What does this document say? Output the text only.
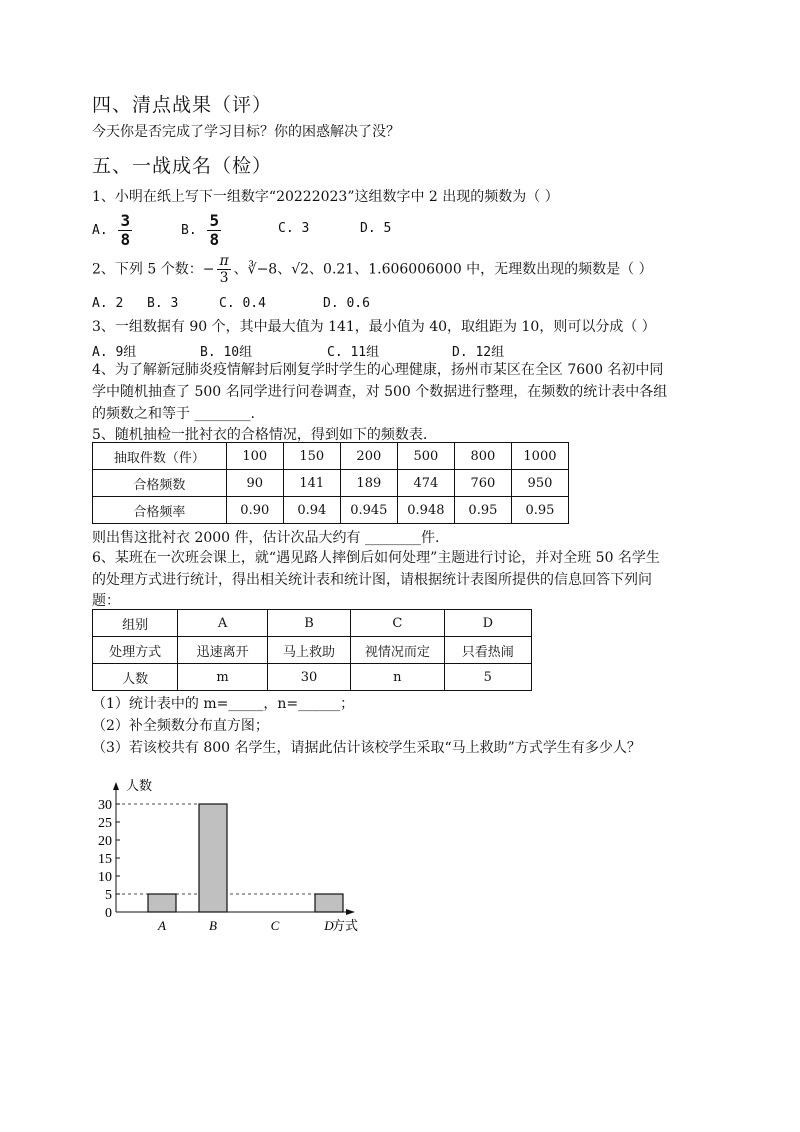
四、清点战果（评）
今天你是否完成了学习目标？你的困惑解决了没？
五、一战成名（检）
1、小明在纸上写下一组数字“20222023”这组数字中 2 出现的频数为（ ）
A. $\frac{3}{8}$	B. $\frac{5}{8}$	C. 3	D. 5
2、下列 5 个数：− $\frac{\pi}{3}$ 、∛−8、√2、0.21、1.606006000 中，无理数出现的频数是（ ）
A. 2 B. 3	C. 0.4	D. 0.6
3、一组数据有 90 个，其中最大值为 141，最小值为 40，取组距为 10，则可以分成（ ）
A. 9组	B. 10组	C. 11组	D. 12组
4、为了解新冠肺炎疫情解封后刚复学时学生的心理健康，扬州市某区在全区 7600 名初中同
学中随机抽查了 500 名同学进行问卷调查，对 500 个数据进行整理，在频数的统计表中各组
的频数之和等于 ________.
5、随机抽检一批衬衣的合格情况，得到如下的频数表.
抽取件数（件）	100	150	200	500	800	1000
合格频数	90	141	189	474	760	950
合格频率	0.90	0.94	0.945	0.948	0.95	0.95
则出售这批衬衣 2000 件，估计次品大约有 ________件.
6、某班在一次班会课上，就“遇见路人摔倒后如何处理”主题进行讨论，并对全班 50 名学生
的处理方式进行统计，得出相关统计表和统计图，请根据统计表图所提供的信息回答下列问
题：
组别	A	B	C	D
处理方式	迅速离开	马上救助	视情况而定	只看热闹
人数	m	30	n	5
（1）统计表中的 m=_____，n=______；
（2）补全频数分布直方图；
（3）若该校共有 800 名学生，请据此估计该校学生采取“马上救助”方式学生有多少人？
0
5
10
15
20
25
30
A	B	C	D
人数
方式
